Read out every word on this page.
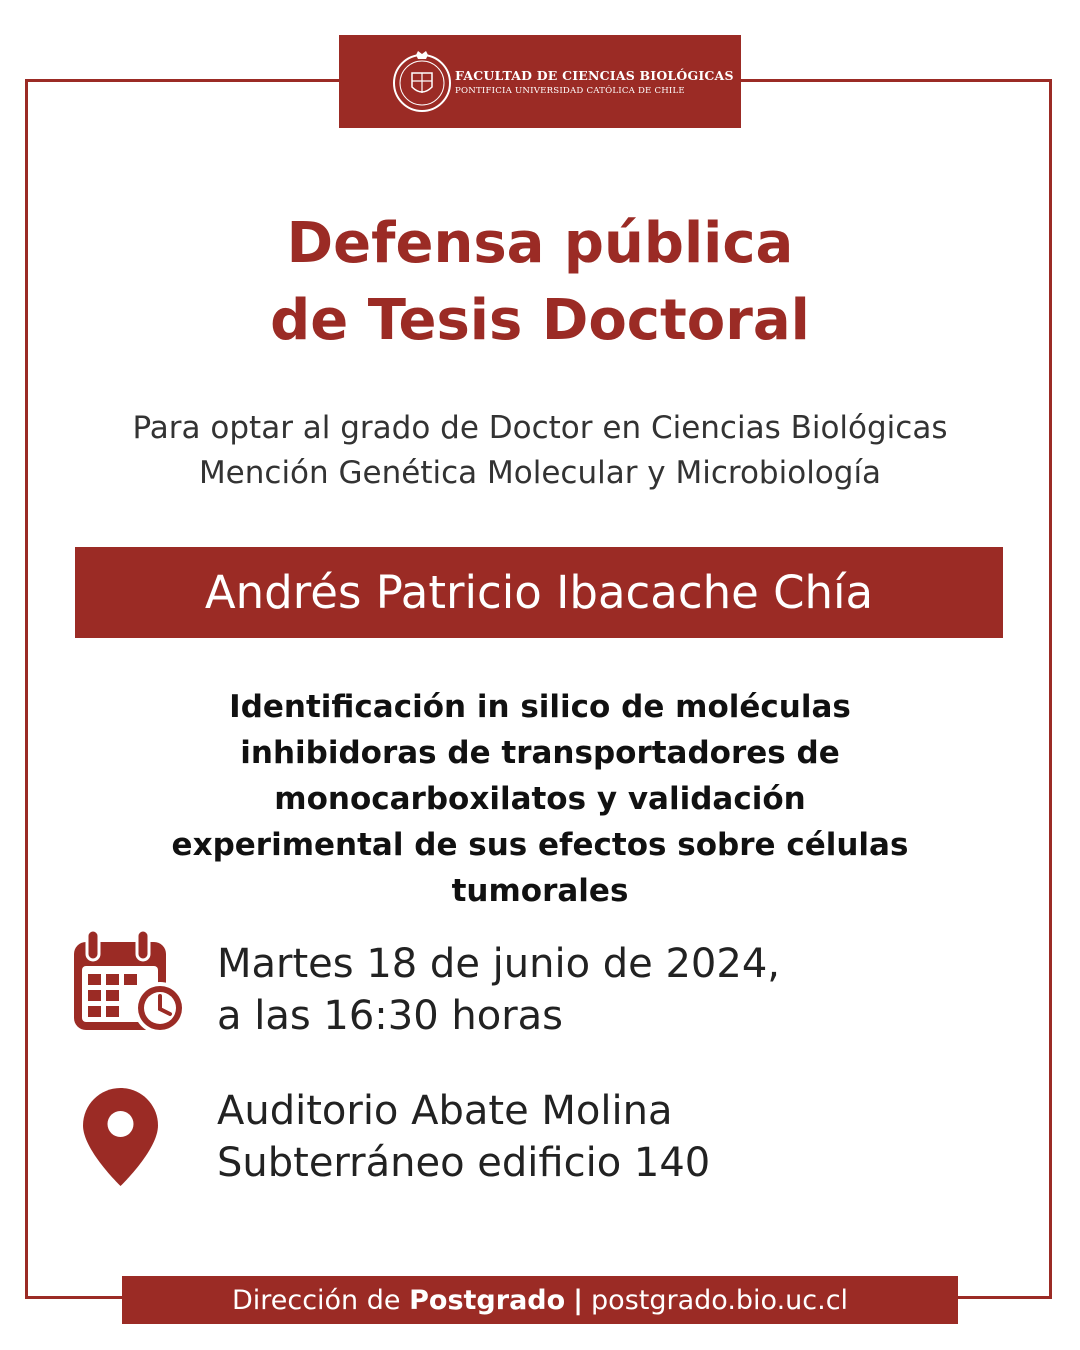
FACULTAD DE CIENCIAS BIOLÓGICAS
PONTIFICIA UNIVERSIDAD CATÓLICA DE CHILE
Defensa pública
de Tesis Doctoral
Para optar al grado de Doctor en Ciencias Biológicas
Mención Genética Molecular y Microbiología
Andrés Patricio Ibacache Chía
Identificación in silico de moléculas
inhibidoras de transportadores de
monocarboxilatos y validación
experimental de sus efectos sobre células
tumorales
Martes 18 de junio de 2024,
a las 16:30 horas
Auditorio Abate Molina
Subterráneo edificio 140
Dirección de
Postgrado | postgrado.bio.uc.cl
